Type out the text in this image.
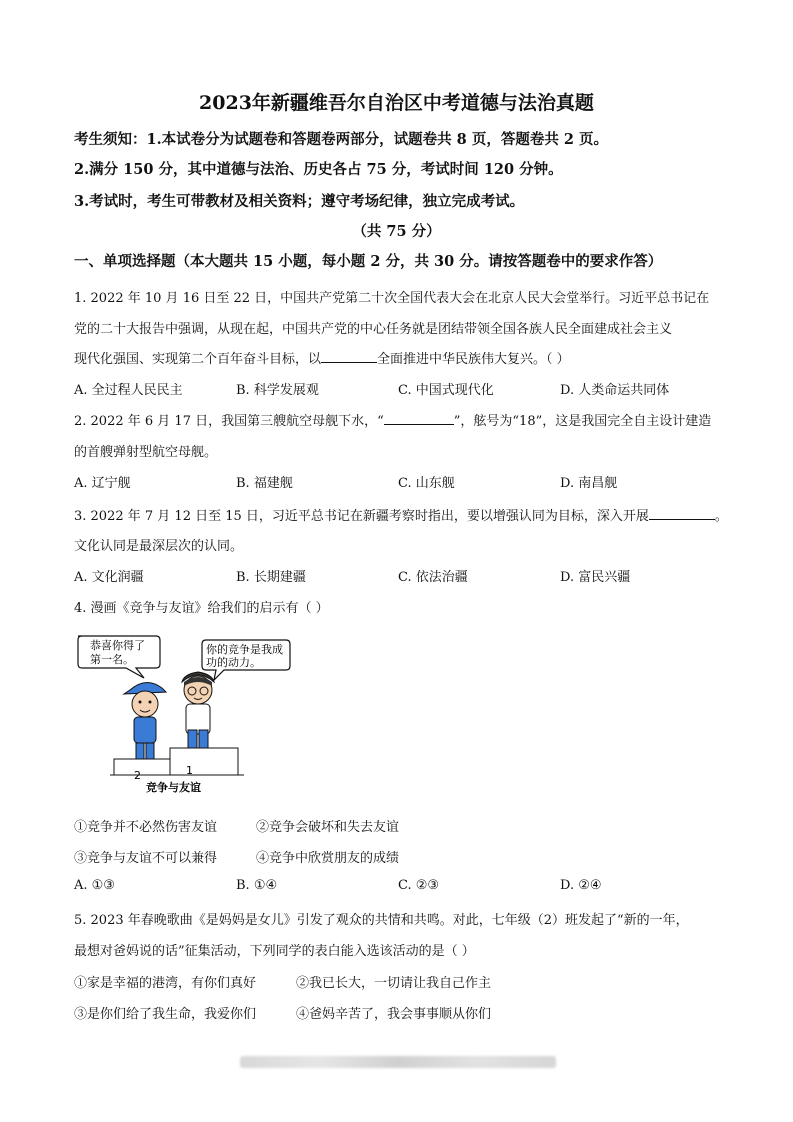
2023年新疆维吾尔自治区中考道德与法治真题
考生须知：1.本试卷分为试题卷和答题卷两部分，试题卷共 8 页，答题卷共 2 页。
2.满分 150 分，其中道德与法治、历史各占 75 分，考试时间 120 分钟。
3.考试时，考生可带教材及相关资料；遵守考场纪律，独立完成考试。
（共 75 分）
一、单项选择题（本大题共 15 小题，每小题 2 分，共 30 分。请按答题卷中的要求作答）
1. 2022 年 10 月 16 日至 22 日，中国共产党第二十次全国代表大会在北京人民大会堂举行。习近平总书记在
党的二十大报告中强调，从现在起，中国共产党的中心任务就是团结带领全国各族人民全面建成社会主义
现代化强国、实现第二个百年奋斗目标，以	全面推进中华民族伟大复兴。（ ）
A. 全过程人民民主	B. 科学发展观	C. 中国式现代化	D. 人类命运共同体
2. 2022 年 6 月 17 日，我国第三艘航空母舰下水，“	”，舷号为“18”，这是我国完全自主设计建造
的首艘弹射型航空母舰。
A. 辽宁舰	B. 福建舰	C. 山东舰	D. 南昌舰
3. 2022 年 7 月 12 日至 15 日，习近平总书记在新疆考察时指出，要以增强认同为目标，深入开展	。
文化认同是最深层次的认同。
A. 文化润疆	B. 长期建疆	C. 依法治疆	D. 富民兴疆
4. 漫画《竞争与友谊》给我们的启示有（ ）
恭喜你得了
第一名。
你的竞争是我成
功的动力。
2	1
竞争与友谊
①竞争并不必然伤害友谊	②竞争会破坏和失去友谊
③竞争与友谊不可以兼得	④竞争中欣赏朋友的成绩
A. ①③	B. ①④	C. ②③	D. ②④
5. 2023 年春晚歌曲《是妈妈是女儿》引发了观众的共情和共鸣。对此，七年级（2）班发起了“新的一年，
最想对爸妈说的话”征集活动，下列同学的表白能入选该活动的是（ ）
①家是幸福的港湾，有你们真好	②我已长大，一切请让我自己作主
③是你们给了我生命，我爱你们	④爸妈辛苦了，我会事事顺从你们
